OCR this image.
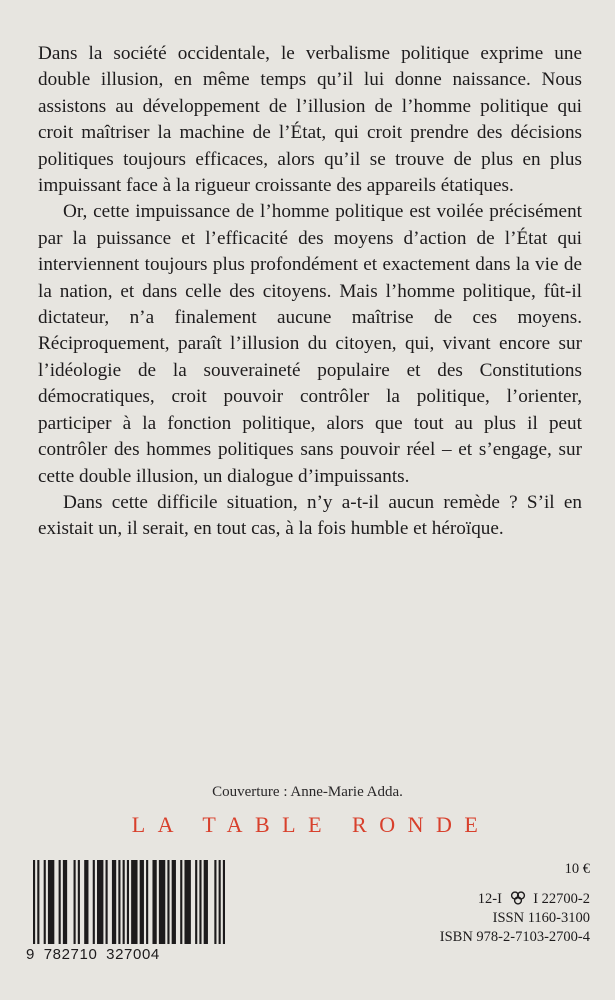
Dans la société occidentale, le verbalisme politique exprime une double illusion, en même temps qu’il lui donne naissance. Nous assistons au développement de l’illusion de l’homme politique qui croit maîtriser la machine de l’État, qui croit prendre des décisions politiques toujours efficaces, alors qu’il se trouve de plus en plus impuissant face à la rigueur croissante des appareils étatiques.

Or, cette impuissance de l’homme politique est voilée précisément par la puissance et l’efficacité des moyens d’action de l’État qui interviennent toujours plus profondément et exactement dans la vie de la nation, et dans celle des citoyens. Mais l’homme politique, fût-il dictateur, n’a finalement aucune maîtrise de ces moyens. Réciproquement, paraît l’illusion du citoyen, qui, vivant encore sur l’idéologie de la souveraineté populaire et des Constitutions démocratiques, croit pouvoir contrôler la politique, l’orienter, participer à la fonction politique, alors que tout au plus il peut contrôler des hommes politiques sans pouvoir réel – et s’engage, sur cette double illusion, un dialogue d’impuissants.

Dans cette difficile situation, n’y a-t-il aucun remède ? S’il en existait un, il serait, en tout cas, à la fois humble et héroïque.

Couverture : Anne-Marie Adda.
LA TABLE RONDE
9 782710 327004
10 €
12-I I 22700-2
ISSN 1160-3100
ISBN 978-2-7103-2700-4
